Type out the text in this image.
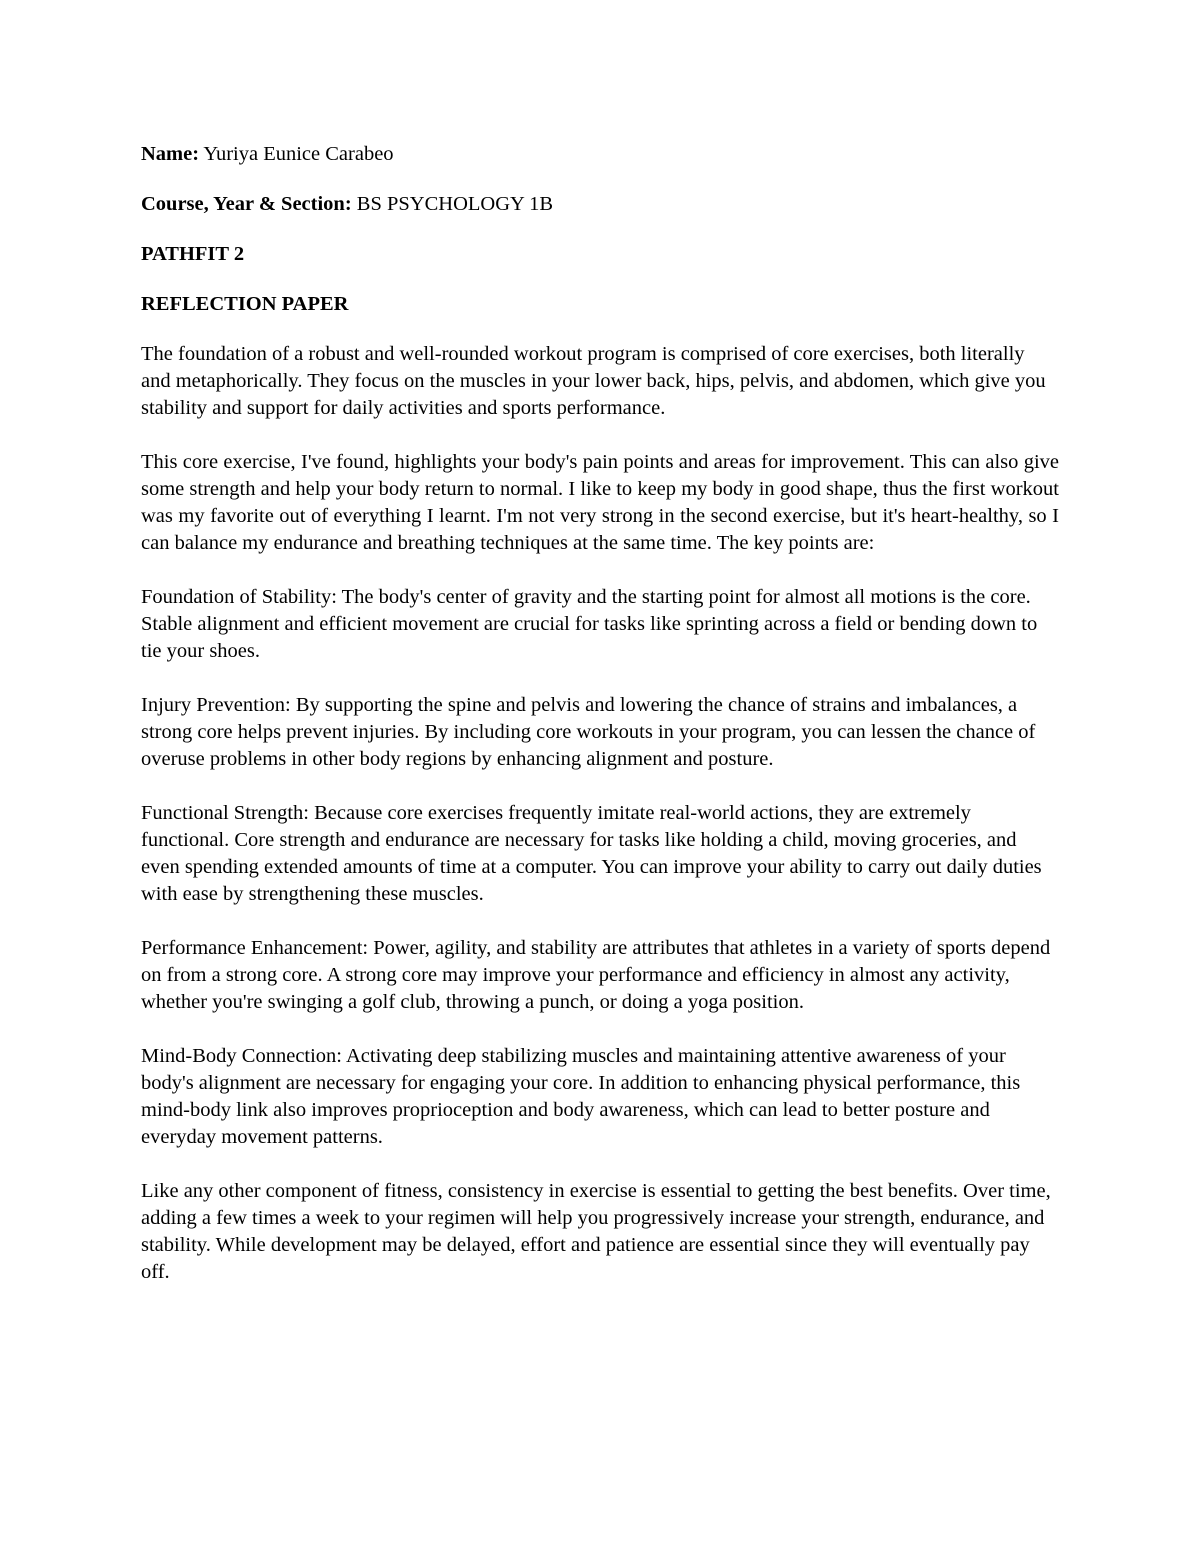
Name: Yuriya Eunice Carabeo

Course, Year & Section: BS PSYCHOLOGY 1B

PATHFIT 2

REFLECTION PAPER

The foundation of a robust and well-rounded workout program is comprised of core exercises, both literally and metaphorically. They focus on the muscles in your lower back, hips, pelvis, and abdomen, which give you stability and support for daily activities and sports performance.

This core exercise, I've found, highlights your body's pain points and areas for improvement. This can also give some strength and help your body return to normal. I like to keep my body in good shape, thus the first workout was my favorite out of everything I learnt. I'm not very strong in the second exercise, but it's heart-healthy, so I can balance my endurance and breathing techniques at the same time. The key points are:

Foundation of Stability: The body's center of gravity and the starting point for almost all motions is the core. Stable alignment and efficient movement are crucial for tasks like sprinting across a field or bending down to tie your shoes.

Injury Prevention: By supporting the spine and pelvis and lowering the chance of strains and imbalances, a strong core helps prevent injuries. By including core workouts in your program, you can lessen the chance of overuse problems in other body regions by enhancing alignment and posture.

Functional Strength: Because core exercises frequently imitate real-world actions, they are extremely functional. Core strength and endurance are necessary for tasks like holding a child, moving groceries, and even spending extended amounts of time at a computer. You can improve your ability to carry out daily duties with ease by strengthening these muscles.

Performance Enhancement: Power, agility, and stability are attributes that athletes in a variety of sports depend on from a strong core. A strong core may improve your performance and efficiency in almost any activity, whether you're swinging a golf club, throwing a punch, or doing a yoga position.

Mind-Body Connection: Activating deep stabilizing muscles and maintaining attentive awareness of your body's alignment are necessary for engaging your core. In addition to enhancing physical performance, this mind-body link also improves proprioception and body awareness, which can lead to better posture and everyday movement patterns.

Like any other component of fitness, consistency in exercise is essential to getting the best benefits. Over time, adding a few times a week to your regimen will help you progressively increase your strength, endurance, and stability. While development may be delayed, effort and patience are essential since they will eventually pay off.
